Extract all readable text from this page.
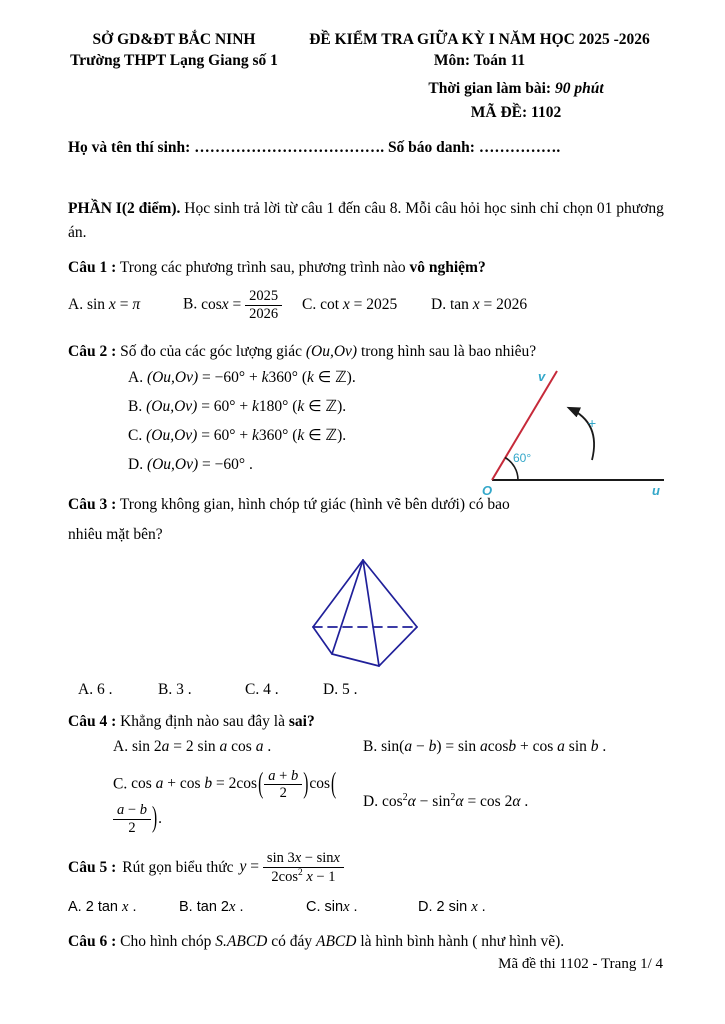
SỞ GD&ĐT BẮC NINH
Trường THPT Lạng Giang số 1
ĐỀ KIỂM TRA GIỮA KỲ I NĂM HỌC 2025 -2026
Môn: Toán 11
Thời gian làm bài: 90 phút
MÃ ĐỀ: 1102
Họ và tên thí sinh: ………………………………. Số báo danh: …………….

PHẦN I(2 điểm). Học sinh trả lời từ câu 1 đến câu 8. Mỗi câu hỏi học sinh chỉ chọn 01 phương án.

Câu 1 : Trong các phương trình sau, phương trình nào vô nghiệm?

A. sin x = π	B. $\cos x = \frac{2025}{2026} C$. cot x = 2025	D. tan x = 2026

Câu 2 : Số đo của các góc lượng giác (Ou,Ov) trong hình sau là bao nhiêu?

A. (Ou,Ov) = −60° + k360° (k ∈ ℤ).
B. (Ou,Ov) = 60° + k180° (k ∈ ℤ).
C. (Ou,Ov) = 60° + k360° (k ∈ ℤ).
D. (Ou,Ov) = −60° .
v
60°
+
O	u

Câu 3 : Trong không gian, hình chóp tứ giác (hình vẽ bên dưới) có bao nhiêu mặt bên?

A. 6 .	B. 3 .	C. 4 .	D. 5 .

Câu 4 : Khẳng định nào sau đây là sai?

A. sin 2a = 2 sin a cos a .	B. sin(a − b) = sin acosb + cos a sin b .
C. $\cos a + \cos b = 2\cos( \frac{a + b}{2} )\cos$(
$\frac{a - b}{2}$ ).
D. $\cos^2\alpha - \sin^2\alpha = \cos 2\alpha$ .

Câu 5 : Rút gọn biểu thức $y = \frac{\sin 3x - \sin x}{2\cos^2 x - 1}$

A. 2 tan x .	B. tan 2x .	C. sinx .	D. 2 sin x .

Câu 6 : Cho hình chóp S.ABCD có đáy ABCD là hình bình hành ( như hình vẽ).

Mã đề thi 1102 - Trang 1/ 4
